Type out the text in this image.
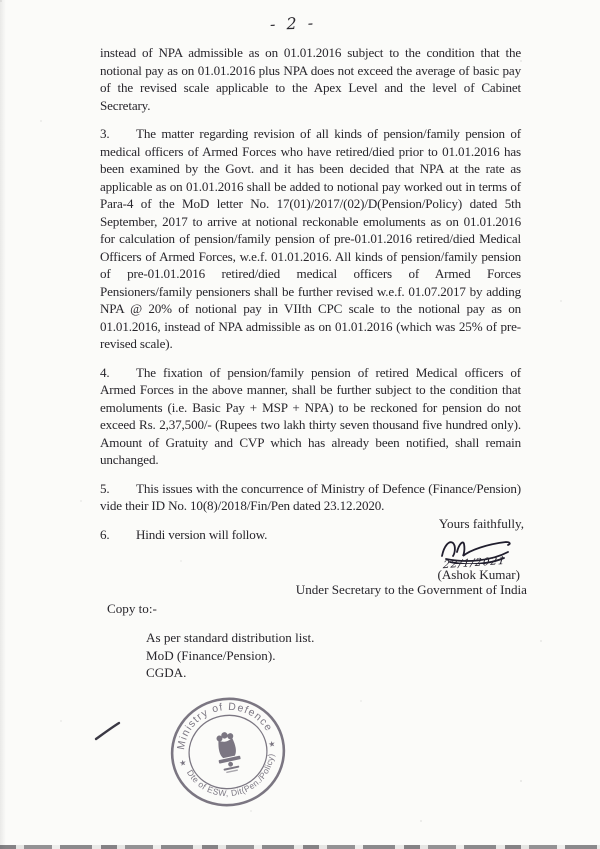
- 2 -

instead of NPA admissible as on 01.01.2016 subject to the condition that the notional pay as on 01.01.2016 plus NPA does not exceed the average of basic pay of the revised scale applicable to the Apex Level and the level of Cabinet Secretary.

3. The matter regarding revision of all kinds of pension/family pension of medical officers of Armed Forces who have retired/died prior to 01.01.2016 has been examined by the Govt. and it has been decided that NPA at the rate as applicable as on 01.01.2016 shall be added to notional pay worked out in terms of Para-4 of the MoD letter No. 17(01)/2017/(02)/D(Pension/Policy) dated 5th September, 2017 to arrive at notional reckonable emoluments as on 01.01.2016 for calculation of pension/family pension of pre-01.01.2016 retired/died Medical Officers of Armed Forces, w.e.f. 01.01.2016. All kinds of pension/family pension of pre-01.01.2016 retired/died medical officers of Armed Forces Pensioners/family pensioners shall be further revised w.e.f. 01.07.2017 by adding NPA @ 20% of notional pay in VIIth CPC scale to the notional pay as on 01.01.2016, instead of NPA admissible as on 01.01.2016 (which was 25% of pre-revised scale).

4. The fixation of pension/family pension of retired Medical officers of Armed Forces in the above manner, shall be further subject to the condition that emoluments (i.e. Basic Pay + MSP + NPA) to be reckoned for pension do not exceed Rs. 2,37,500/- (Rupees two lakh thirty seven thousand five hundred only). Amount of Gratuity and CVP which has already been notified, shall remain unchanged.

5. This issues with the concurrence of Ministry of Defence (Finance/Pension) vide their ID No. 10(8)/2018/Fin/Pen dated 23.12.2020.

6. Hindi version will follow.

Yours faithfully,
22/1/2021
(Ashok Kumar)
Under Secretary to the Government of India
Copy to:-
As per standard distribution list.
MoD (Finance/Pension).
CGDA.
Ministry of Defence
Dte of ESW, Dit(Pen./Policy)
★
★
